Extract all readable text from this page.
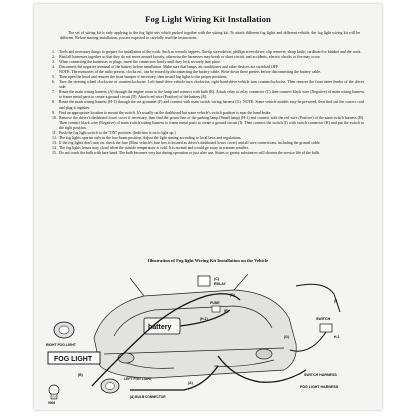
Fog Light Wiring Kit Installation
The set of wiring kit is only applying to the fog light sets which packed together with the wiring kit. To attach different fog lights and different vehicle, the fog light wiring kit will be different. Before starting installation, you are expected to carefully read the instructions.
1. Tools and necessary things to prepare for installation of the work. Such as wrench, tappers, flat-tip screwdriver, phillips screwdriver, clip remover, sharp knife, cardboard or blanket and the work.
2. Bind all harnesses together so that they do not move around loosely, otherwise the harnesses may break or short circuit, and accidents, electric shocks or fire may occur.
3. When connecting the harnesses or plugs, insert the connectors firmly until they lock securely into place.
4. Disconnect the negative terminal of the battery before installation. Make sure that lamps, air conditioner and other devices are switched OFF.
NOTE: The memories of the radio presets, clocks etc. can be erased by disconnecting the battery cable. Write down these presets before disconnecting the battery cable.
5. Then open the hood and remove the front bumper if necessary, then install fog lights to the proper positions.
6. Turn the steering wheel clockwise or counterclockwise. Left-hand-drive vehicle turn clockwise, right-hand-drive vehicle turn counterclockwise. Then remove the front inner fender of the driver side.
7. Route the main wiring harness (A) through the engine room to the lamp and connect with bulb (B). Attach relay to relay connector (C) then connect black wire (Negative) of main wiring harness to frame metal parts to create a ground circuit (D). Attach red wire (Positive) of the battery (E).
8. Route the main wiring harness (H-1) through the cut grommet (F) and connect with main switch wiring harness (G). NOTE: Some vehicle models may be prewired, then find out the correct cord and plug it together.
9. Find an appropriate location to mount the switch. It's usually on the dashboard but some vehicle's switch position is near the hand brake.
10. Remove the driver's dashboard lower cover if necessary, then find the power line of the parking lamp (Small lamp) (H-1) and connect with the red wire (Positive) of the main switch harness (H). Then connect black wire (Negative) of main switch wiring harness to frame metal parts to create a ground circuit (I). Then connect the switch (J) with switch connector (K) and put the switch to the right position.
11. Push the fog light switch to the "ON" position. (Indicator is on to light up.)
12. The fog lights operate only in the low-beam position. Adjust the light aiming according to local laws and regulations.
13. If the fog lights don't turn on, check the fuse (Most vehicle's fuse box is located as driver's dashboard lower cover) and all wire connections, including the ground cable.
14. The fog lights lenses may cloud when the outside temperature is cold. It is normal and would go away in warmer weather.
15. Do not touch the bulb with bare hand. The bulb becomes very hot during operation or just after use. Stains or greasy substances will shorten the service life of the bulb.
Illustration of Fog light Wiring Kit Installation on the Vehicle
battery
(C)
RELAY
FUSE
(E)
(H-1)
RIGHT FOG LIGHT
FOG LIGHT
LEFT FOG LIGHT
9006
(A) BULB CONNECTOR
SWITCH
H-1
SWITCH HARNESS
FOG LIGHT HARNESS
(D)
(B)
(A)
(G)
(I)
